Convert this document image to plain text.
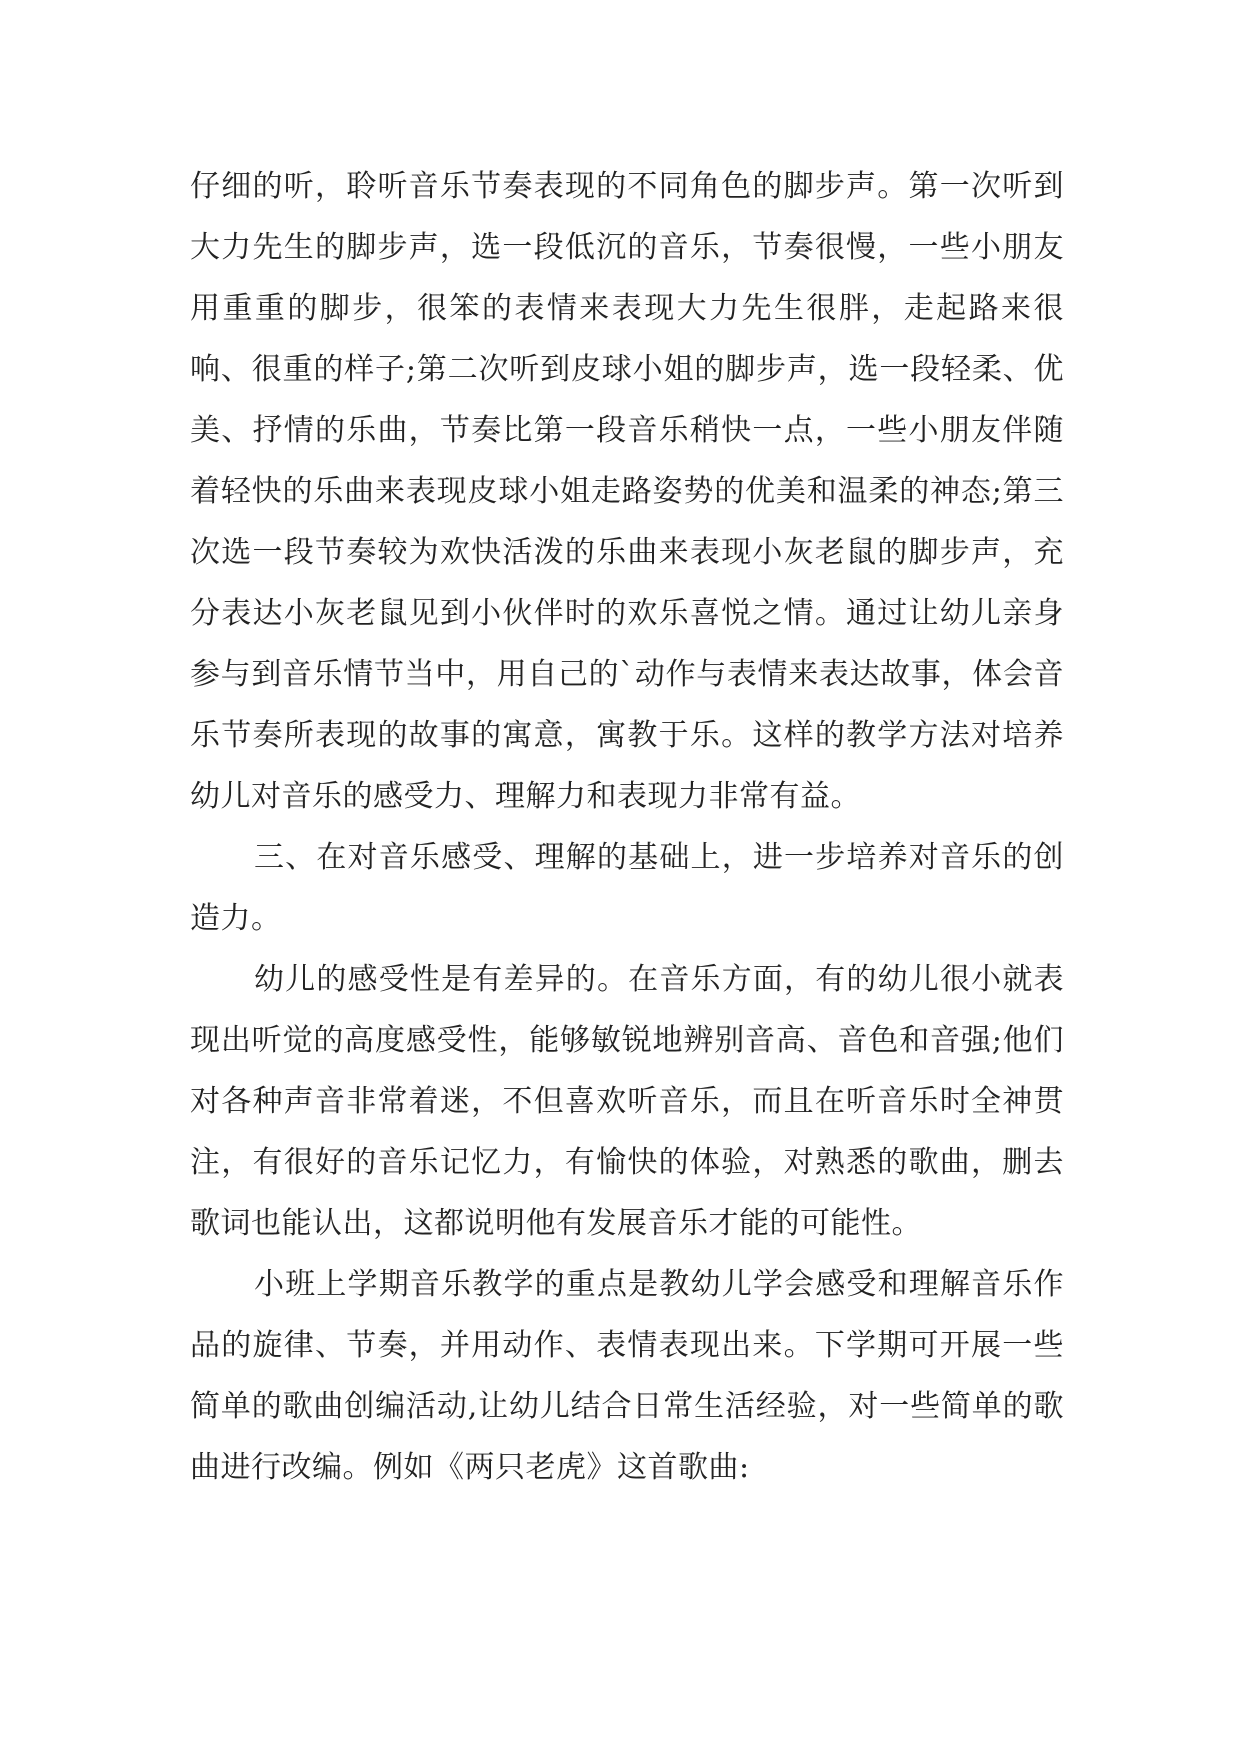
仔细的听，聆听音乐节奏表现的不同角色的脚步声。第一次听到大力先生的脚步声，选一段低沉的音乐，节奏很慢，一些小朋友用重重的脚步，很笨的表情来表现大力先生很胖，走起路来很响、很重的样子;第二次听到皮球小姐的脚步声，选一段轻柔、优美、抒情的乐曲，节奏比第一段音乐稍快一点，一些小朋友伴随着轻快的乐曲来表现皮球小姐走路姿势的优美和温柔的神态;第三次选一段节奏较为欢快活泼的乐曲来表现小灰老鼠的脚步声，充分表达小灰老鼠见到小伙伴时的欢乐喜悦之情。通过让幼儿亲身参与到音乐情节当中，用自己的`动作与表情来表达故事，体会音乐节奏所表现的故事的寓意，寓教于乐。这样的教学方法对培养幼儿对音乐的感受力、理解力和表现力非常有益。

三、在对音乐感受、理解的基础上，进一步培养对音乐的创造力。

幼儿的感受性是有差异的。在音乐方面，有的幼儿很小就表现出听觉的高度感受性，能够敏锐地辨别音高、音色和音强;他们对各种声音非常着迷，不但喜欢听音乐，而且在听音乐时全神贯注，有很好的音乐记忆力，有愉快的体验，对熟悉的歌曲，删去歌词也能认出，这都说明他有发展音乐才能的可能性。

小班上学期音乐教学的重点是教幼儿学会感受和理解音乐作品的旋律、节奏，并用动作、表情表现出来。下学期可开展一些简单的歌曲创编活动,让幼儿结合日常生活经验，对一些简单的歌曲进行改编。例如《两只老虎》这首歌曲:
